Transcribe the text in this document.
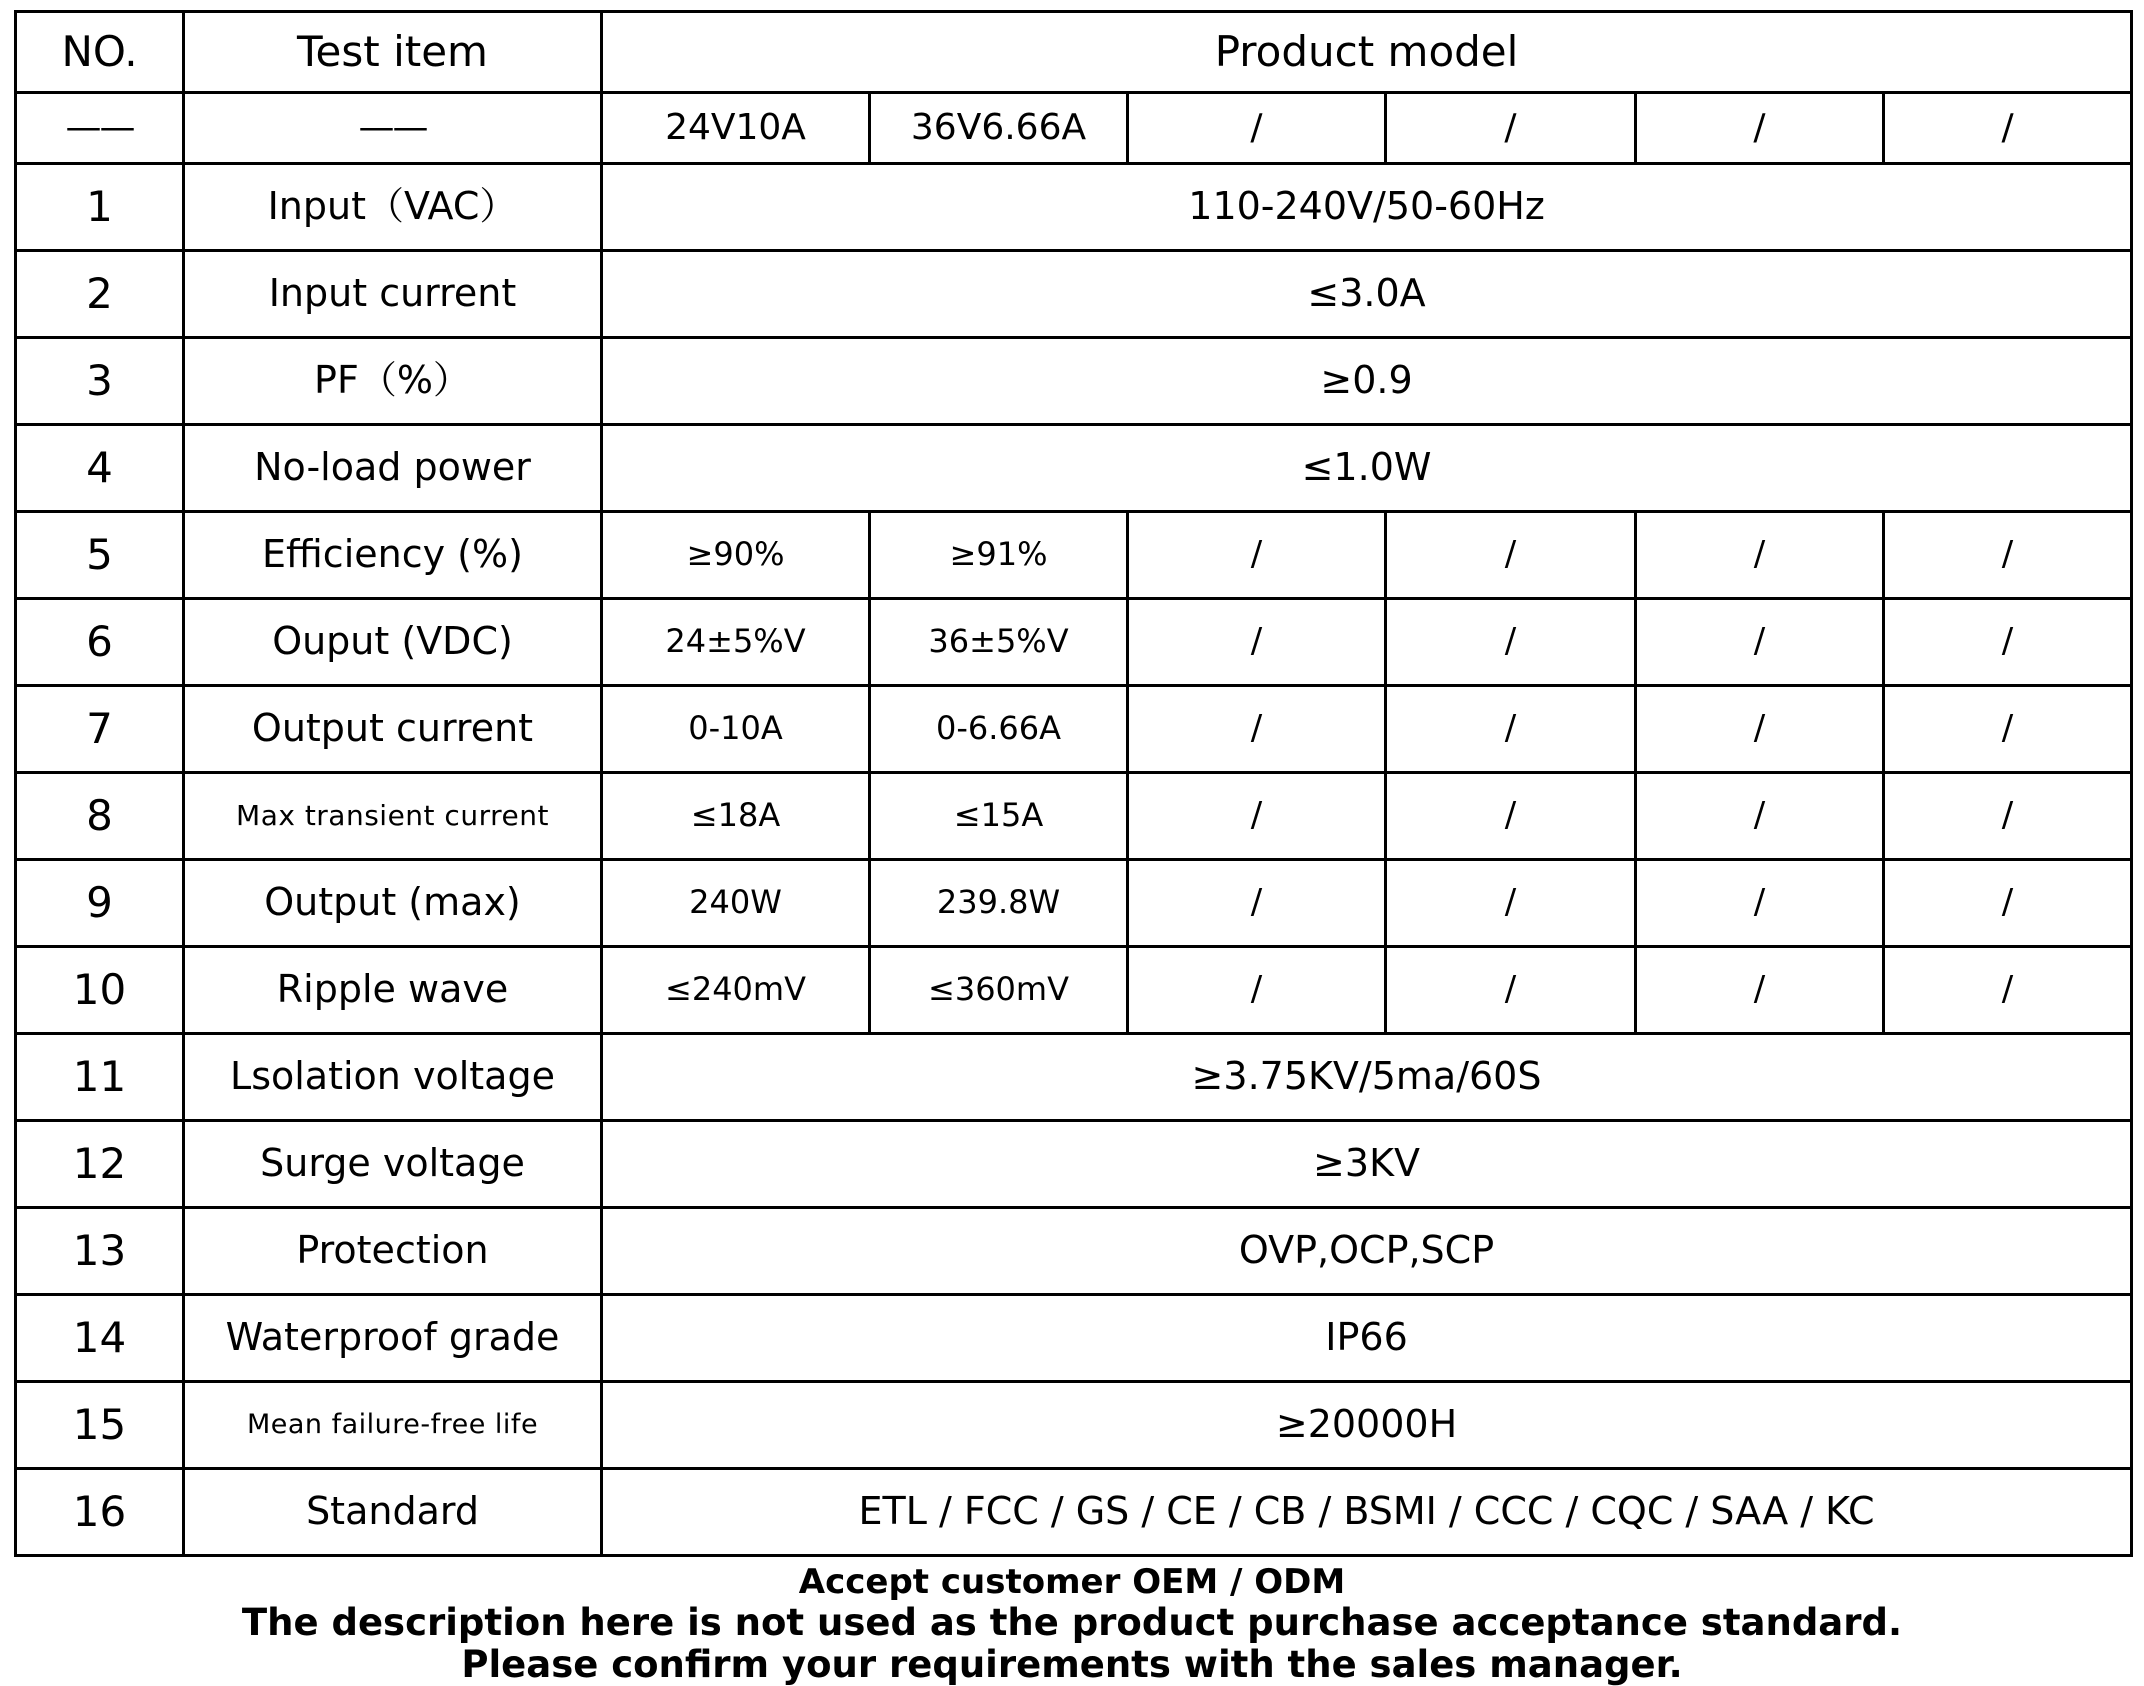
NO.	Test item	Product model					
——	——	24V10A	36V6.66A	/	/	/	/
1	Input（VAC）	110-240V/50-60Hz					
2	Input current	≤3.0A					
3	PF（%）	≥0.9					
4	No-load power	≤1.0W					
5	Efficiency (%)	≥90%	≥91%	/	/	/	/
6	Ouput (VDC)	24±5%V	36±5%V	/	/	/	/
7	Output current	0-10A	0-6.66A	/	/	/	/
8	Max transient current	≤18A	≤15A	/	/	/	/
9	Output (max)	240W	239.8W	/	/	/	/
10	Ripple wave	≤240mV	≤360mV	/	/	/	/
11	Lsolation voltage	≥3.75KV/5ma/60S					
12	Surge voltage	≥3KV					
13	Protection	OVP,OCP,SCP					
14	Waterproof grade	IP66					
15	Mean failure-free life	≥20000H					
16	Standard	ETL / FCC / GS / CE / CB / BSMI / CCC / CQC / SAA / KC					
Accept customer OEM / ODM
The description here is not used as the product purchase acceptance standard.
Please confirm your requirements with the sales manager.
